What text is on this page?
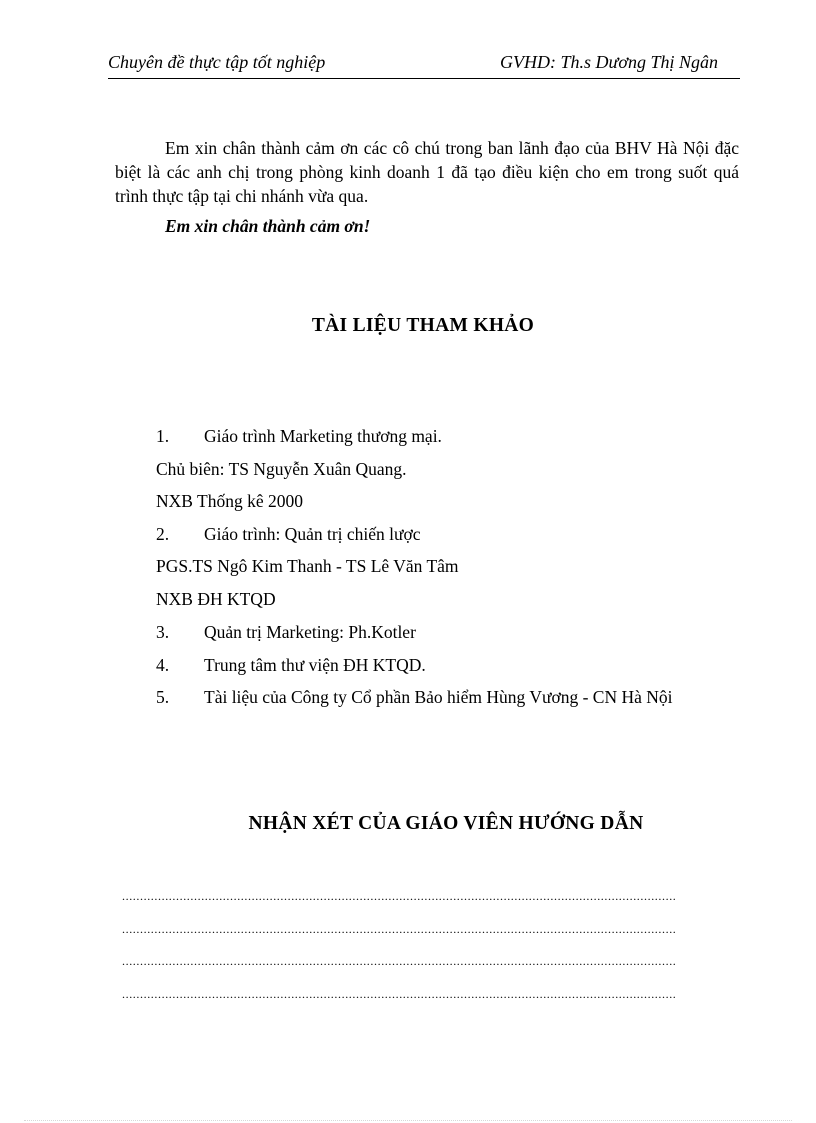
Chuyên đề thực tập tốt nghiệp	GVHD: Th.s Dương Thị Ngân

Em xin chân thành cảm ơn các cô chú trong ban lãnh đạo của BHV Hà Nội đặc biệt là các anh chị trong phòng kinh doanh 1 đã tạo điều kiện cho em trong suốt quá trình thực tập tại chi nhánh vừa qua.

Em xin chân thành cảm ơn!
TÀI LIỆU THAM KHẢO
1. Giáo trình Marketing thương mại.
Chủ biên: TS Nguyễn Xuân Quang.
NXB Thống kê 2000
2. Giáo trình: Quản trị chiến lược
PGS.TS Ngô Kim Thanh - TS Lê Văn Tâm
NXB ĐH KTQD
3. Quản trị Marketing: Ph.Kotler
4. Trung tâm thư viện ĐH KTQD.
5. Tài liệu của Công ty Cổ phần Bảo hiểm Hùng Vương - CN Hà Nội
NHẬN XÉT CỦA GIÁO VIÊN HƯỚNG DẪN
..........................................................................................................................................................
..........................................................................................................................................................
..........................................................................................................................................................
..........................................................................................................................................................
